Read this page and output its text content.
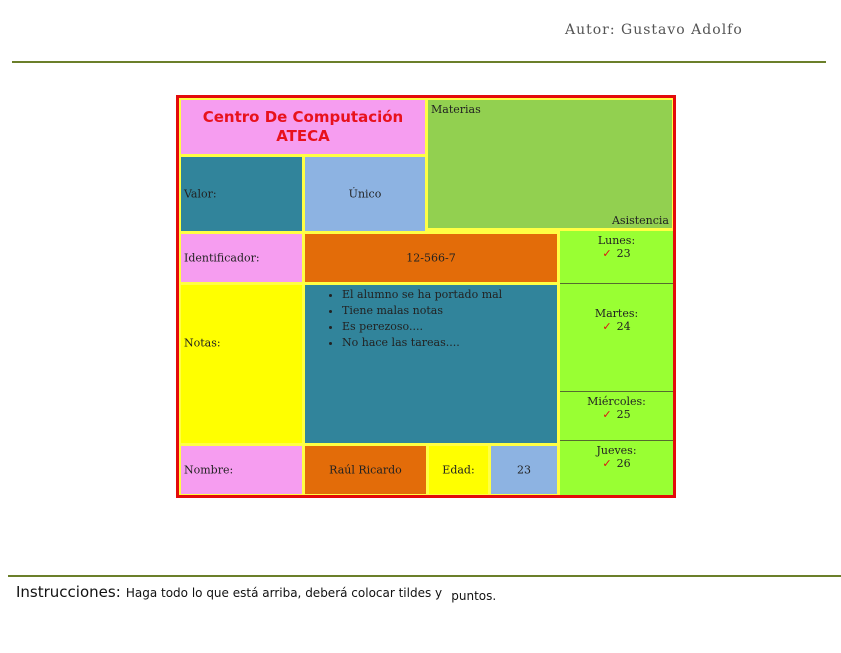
Autor: Gustavo Adolfo
Centro De Computación
ATECA
Materias
Asistencia
Valor:	Único
Identificador:	12-566-7
Notas:
• El alumno se ha portado mal
• Tiene malas notas
• Es perezoso....
• No hace las tareas....
Nombre:	Raúl Ricardo	Edad:	23
Lunes:
✓ 23
Martes:
✓ 24
Miércoles:
✓ 25
Jueves:
✓ 26
Instrucciones: Haga todo lo que está arriba, deberá colocar tildes y puntos.
